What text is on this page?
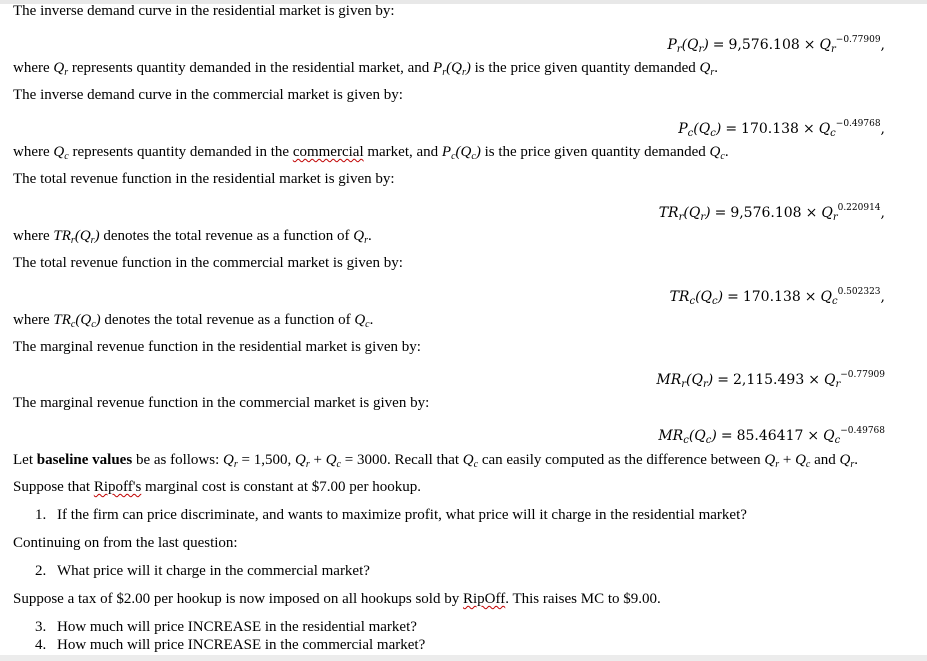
The inverse demand curve in the residential market is given by:
$P_r(Q_r) = 9,576.108 \times Q_r^{-0.77909}$,
where $Q_r$ represents quantity demanded in the residential market, and $P_r(Q_r)$ is the price given quantity demanded $Q_r$.
The inverse demand curve in the commercial market is given by:
$P_c(Q_c) = 170.138 \times Q_c^{-0.49768}$,
where $Q_c$ represents quantity demanded in the commercial market, and $P_c(Q_c)$ is the price given quantity demanded $Q_c$.
The total revenue function in the residential market is given by:
$TR_r(Q_r) = 9,576.108 \times Q_r^{0.220914}$,
where $TR_r(Q_r)$ denotes the total revenue as a function of $Q_r$.
The total revenue function in the commercial market is given by:
$TR_c(Q_c) = 170.138 \times Q_c^{0.502323}$,
where $TR_c(Q_c)$ denotes the total revenue as a function of $Q_c$.
The marginal revenue function in the residential market is given by:
$MR_r(Q_r) = 2,115.493 \times Q_r^{-0.77909}$
The marginal revenue function in the commercial market is given by:
$MR_c(Q_c) = 85.46417 \times Q_c^{-0.49768}$
Let baseline values be as follows: $Q_r = 1,500$, $Q_r + Q_c = 3000$. Recall that $Q_c$ can easily computed as the difference between $Q_r + Q_c$ and $Q_r$.
Suppose that Ripoff's marginal cost is constant at $7.00 per hookup.
1. If the firm can price discriminate, and wants to maximize profit, what price will it charge in the residential market?
Continuing on from the last question:
2. What price will it charge in the commercial market?
Suppose a tax of $2.00 per hookup is now imposed on all hookups sold by RipOff. This raises MC to $9.00.
3. How much will price INCREASE in the residential market?
4. How much will price INCREASE in the commercial market?
